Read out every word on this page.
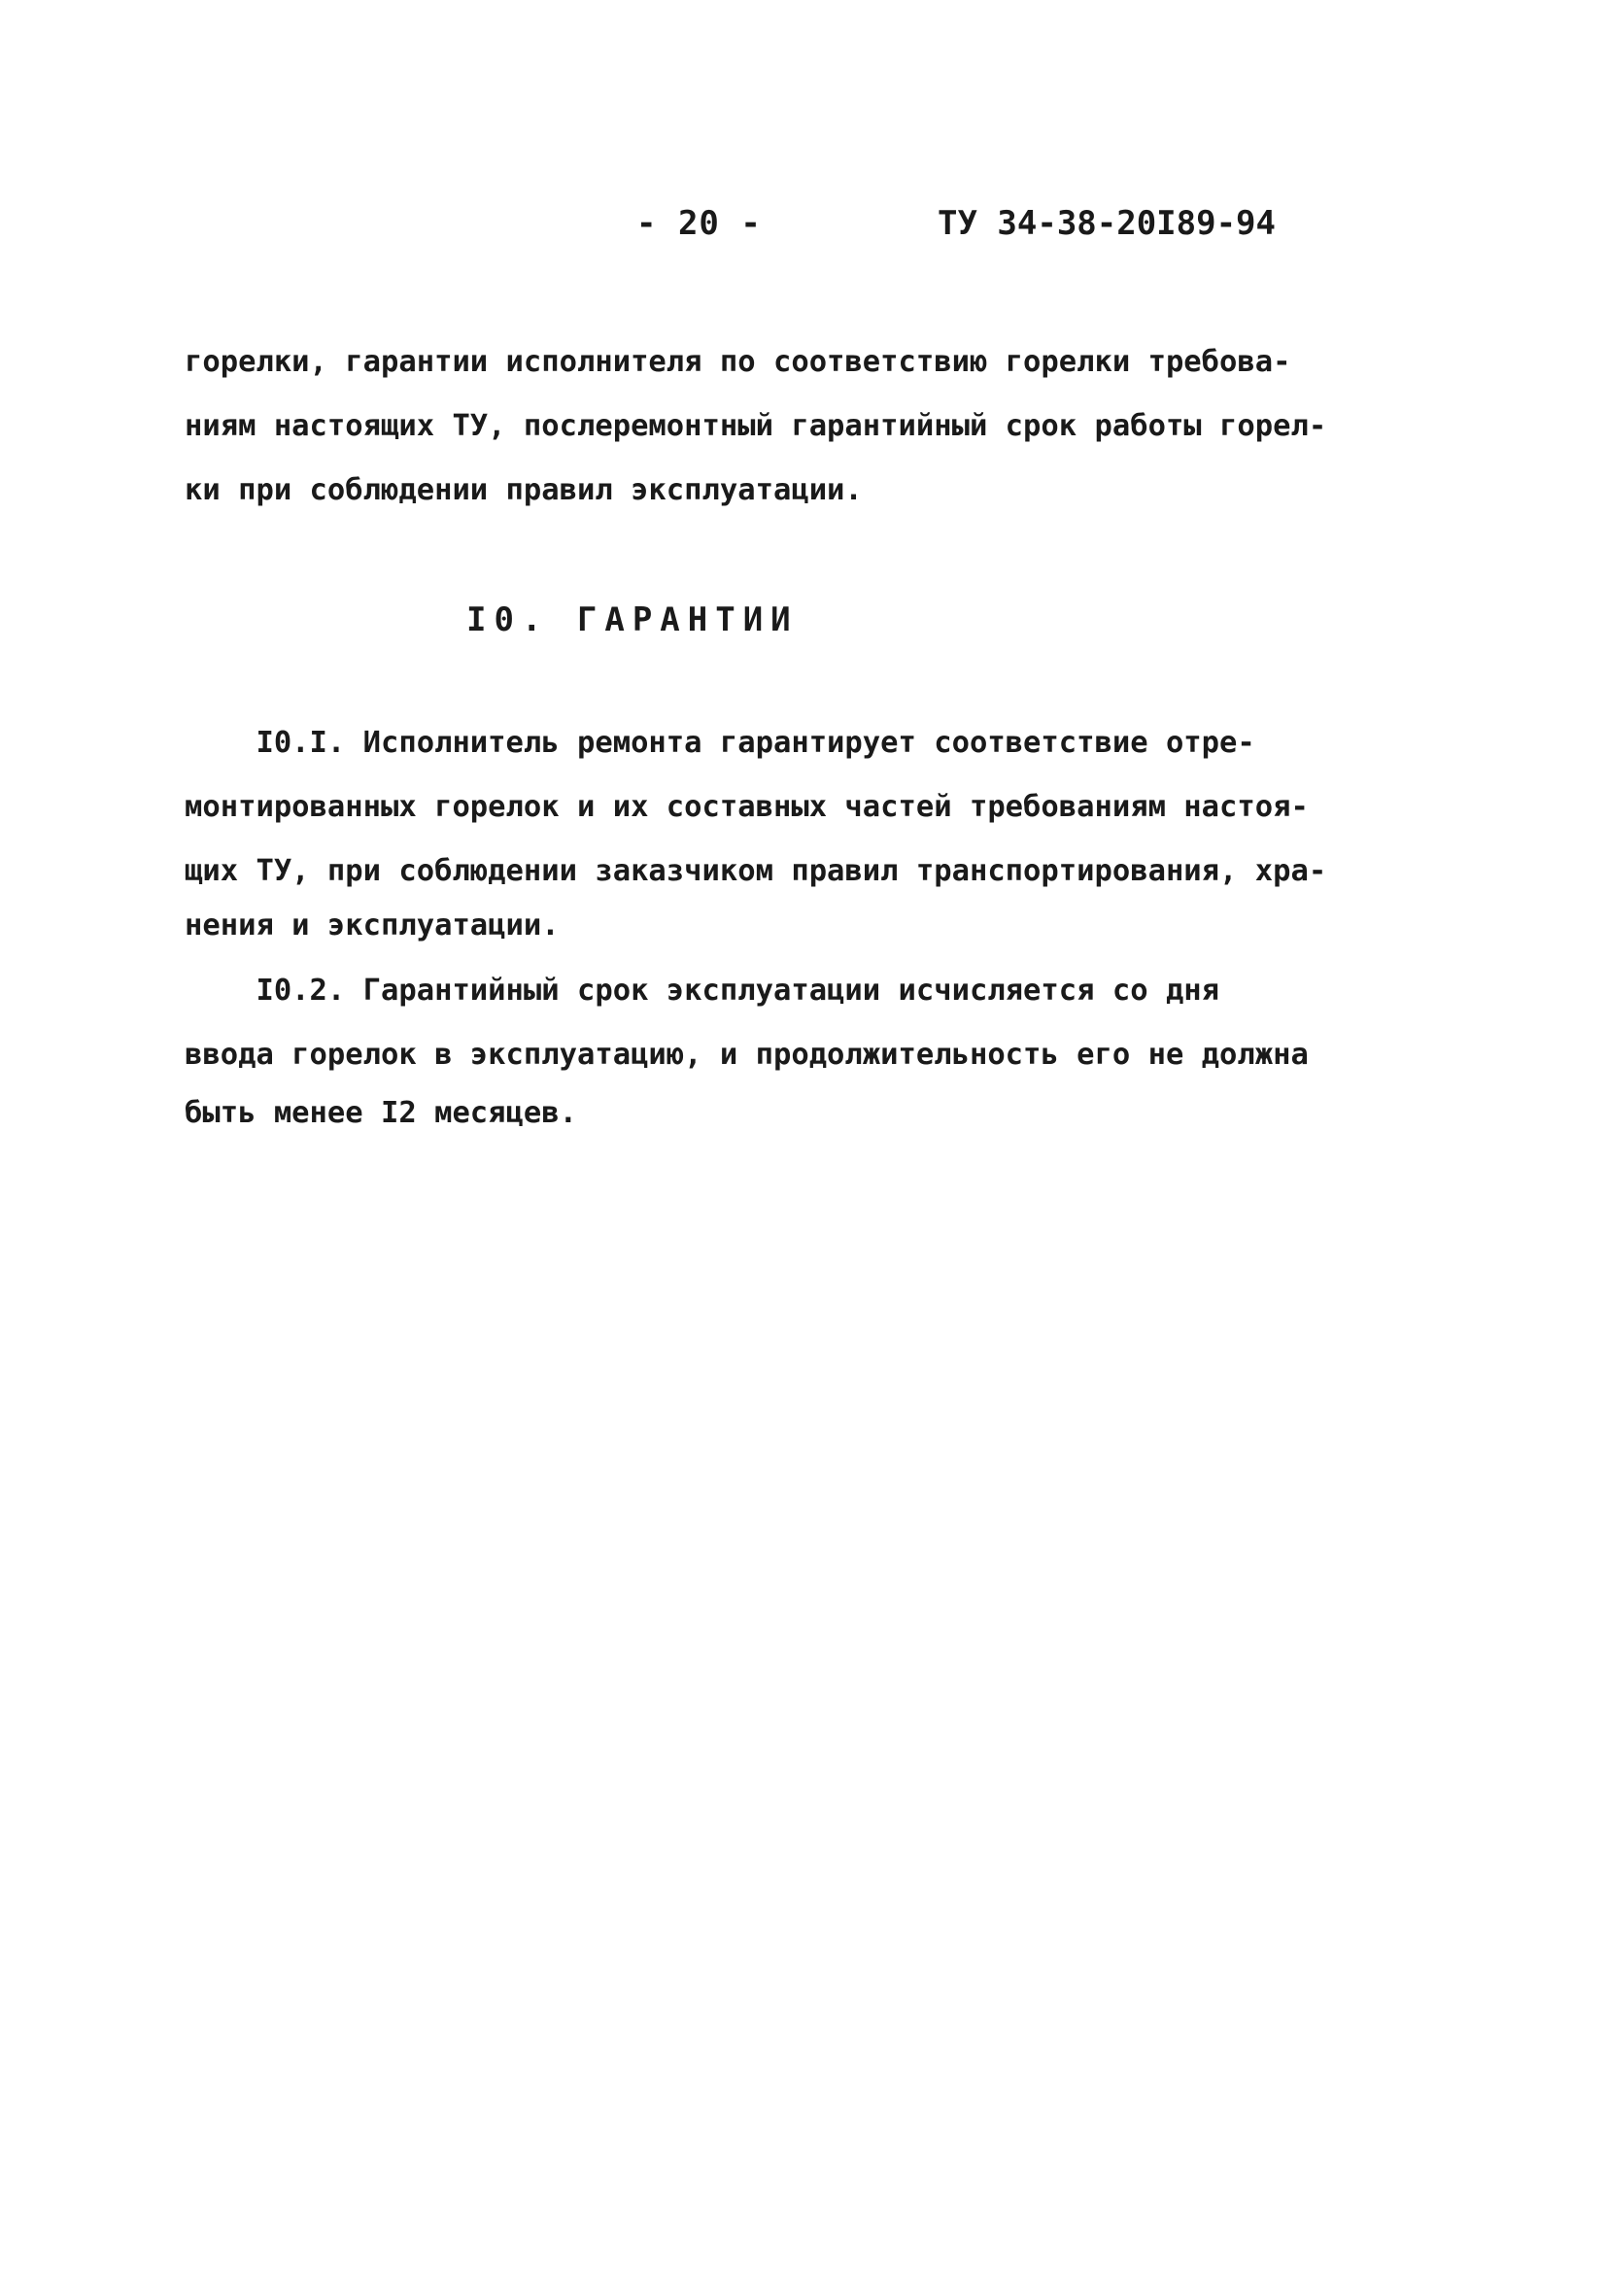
- 20 -	ТУ 34-38-20I89-94
горелки, гарантии исполнителя по соответствию горелки требова-
ниям настоящих ТУ, послеремонтный гарантийный срок работы горел-
ки при соблюдении правил эксплуатации.
I0. ГАРАНТИИ
I0.I. Исполнитель ремонта гарантирует соответствие отре-
монтированных горелок и их составных частей требованиям настоя-
щих ТУ, при соблюдении заказчиком правил транспортирования, хра-
нения и эксплуатации.
I0.2. Гарантийный срок эксплуатации исчисляется со дня
ввода горелок в эксплуатацию, и продолжительность его не должна
быть менее I2 месяцев.
